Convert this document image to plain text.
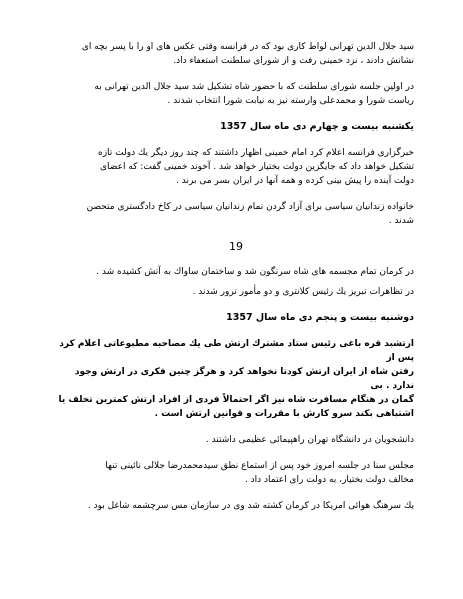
سید جلال الدین تهرانی لواط کاری بود که در فرانسه وقتی عکس های او را با پسر بچه ای
نشانش دادند ، نزد خمینی رفت و از شورای سلطنت استعفاء داد.

در اولین جلسه شورای سلطنت که با حضور شاه تشکیل شد سید جلال الدین تهرانی به
ریاست شورا و محمدعلی وارسته نیز به نیابت شورا انتخاب شدند .

یکشنبه بیست و چهارم دی ماه سال 1357

خبرگزاری فرانسه اعلام کرد امام خمینی اظهار داشتند که چند روز دیگر یك دولت تازه
تشکیل خواهد داد که جایگزین دولت بختیار خواهد شد . آخوند خمینی گفت: که اعضای
دولت آینده را پیش بینی کرده و همه آنها در ایران بسر می برند .

خانواده زندانیان سیاسی برای آزاد گردن تمام زندانیان سیاسی در کاخ دادگستری متحصن
شدند .

19

در کرمان تمام مجسمه های شاه سرنگون شد و ساختمان ساواك به آتش کشیده شد .

در تظاهرات تبریز یك رئیس کلانتری و دو مأمور ترور شدند .

دوشنبه بیست و پنجم دی ماه سال 1357

ارتشبد قره باغی رئیس ستاد مشترك ارتش طی یك مصاحبه مطبوعاتی اعلام کرد پس از
رفتن شاه از ایران ارتش کودتا نخواهد کرد و هرگز چنین فکری در ارتش وجود ندارد . بی
گمان در هنگام مسافرت شاه نیز اگر احتمالاً فردی از افراد ارتش کمترین تخلف یا
اشتباهی بکند سرو کارش با مقررات و قوانین ارتش است .

دانشجویان در دانشگاه تهران راهپیمائی عظیمی داشتند .

مجلس سنا در جلسه امروز خود پس از استماع نطق سیدمحمدرضا جلالی نائینی تنها
مخالف دولت بختیار، به دولت رای اعتماد داد .

یك سرهنگ هوائی امریکا در کرمان کشته شد وی در سازمان مس سرچشمه شاغل بود .
